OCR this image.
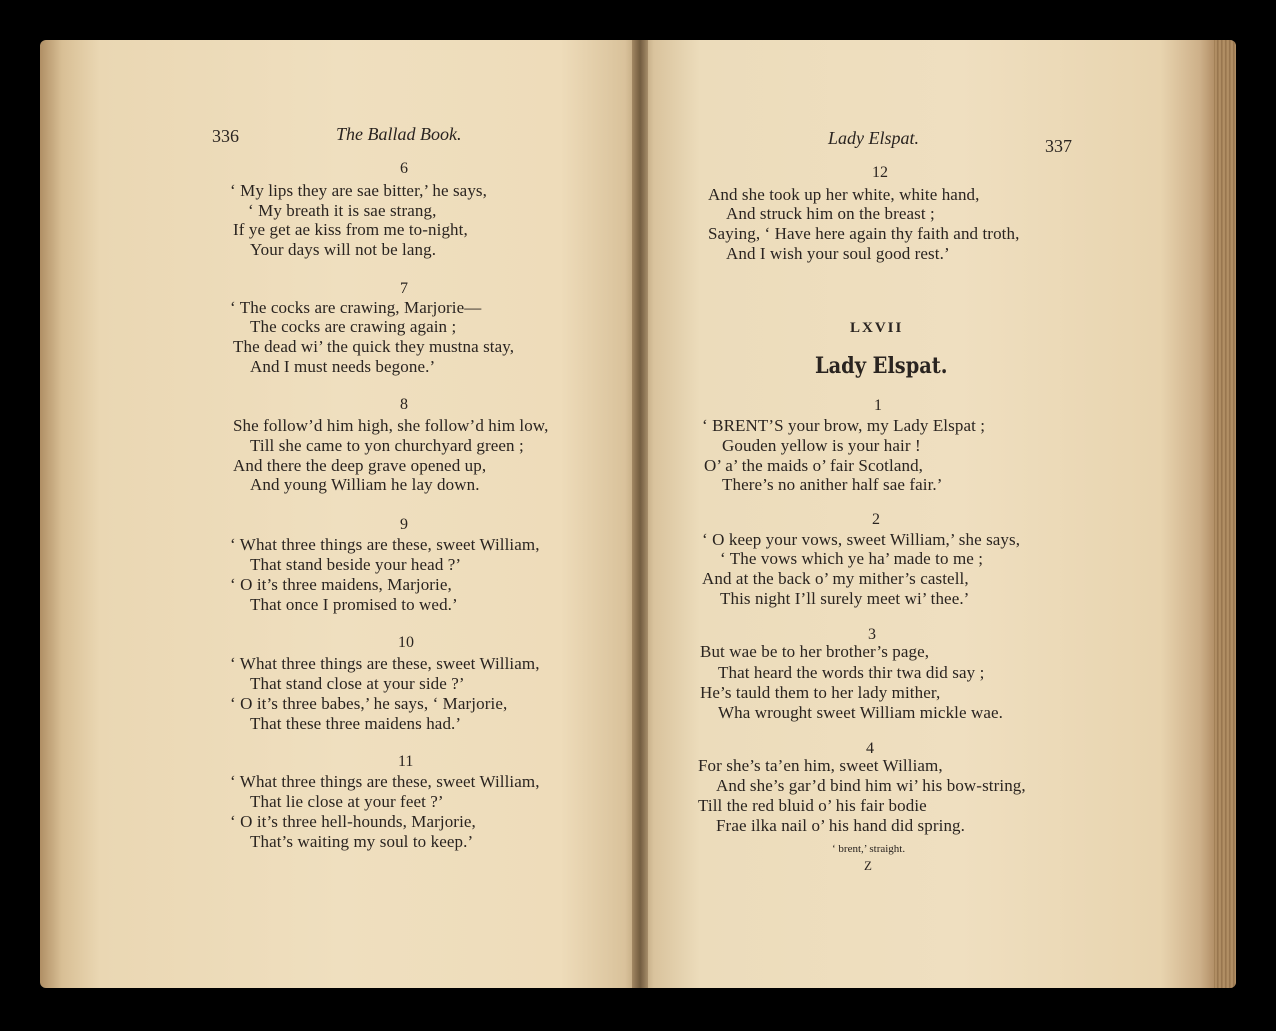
336	The Ballad Book.
6
‘ My lips they are sae bitter,’ he says,
‘ My breath it is sae strang,
If ye get ae kiss from me to-night,
Your days will not be lang.
7
‘ The cocks are crawing, Marjorie—
The cocks are crawing again ;
The dead wi’ the quick they mustna stay,
And I must needs begone.’
8
She follow’d him high, she follow’d him low,
Till she came to yon churchyard green ;
And there the deep grave opened up,
And young William he lay down.
9
‘ What three things are these, sweet William,
That stand beside your head ?’
‘ O it’s three maidens, Marjorie,
That once I promised to wed.’
10
‘ What three things are these, sweet William,
That stand close at your side ?’
‘ O it’s three babes,’ he says, ‘ Marjorie,
That these three maidens had.’
11
‘ What three things are these, sweet William,
That lie close at your feet ?’
‘ O it’s three hell-hounds, Marjorie,
That’s waiting my soul to keep.’
Lady Elspat.	337
12
And she took up her white, white hand,
And struck him on the breast ;
Saying, ‘ Have here again thy faith and troth,
And I wish your soul good rest.’
LXVII
Lady Elspat.
1
‘ BRENT’S your brow, my Lady Elspat ;
Gouden yellow is your hair !
O’ a’ the maids o’ fair Scotland,
There’s no anither half sae fair.’
2
‘ O keep your vows, sweet William,’ she says,
‘ The vows which ye ha’ made to me ;
And at the back o’ my mither’s castell,
This night I’ll surely meet wi’ thee.’
3
But wae be to her brother’s page,
That heard the words thir twa did say ;
He’s tauld them to her lady mither,
Wha wrought sweet William mickle wae.
4
For she’s ta’en him, sweet William,
And she’s gar’d bind him wi’ his bow-string,
Till the red bluid o’ his fair bodie
Frae ilka nail o’ his hand did spring.
‘ brent,’ straight.
Z
